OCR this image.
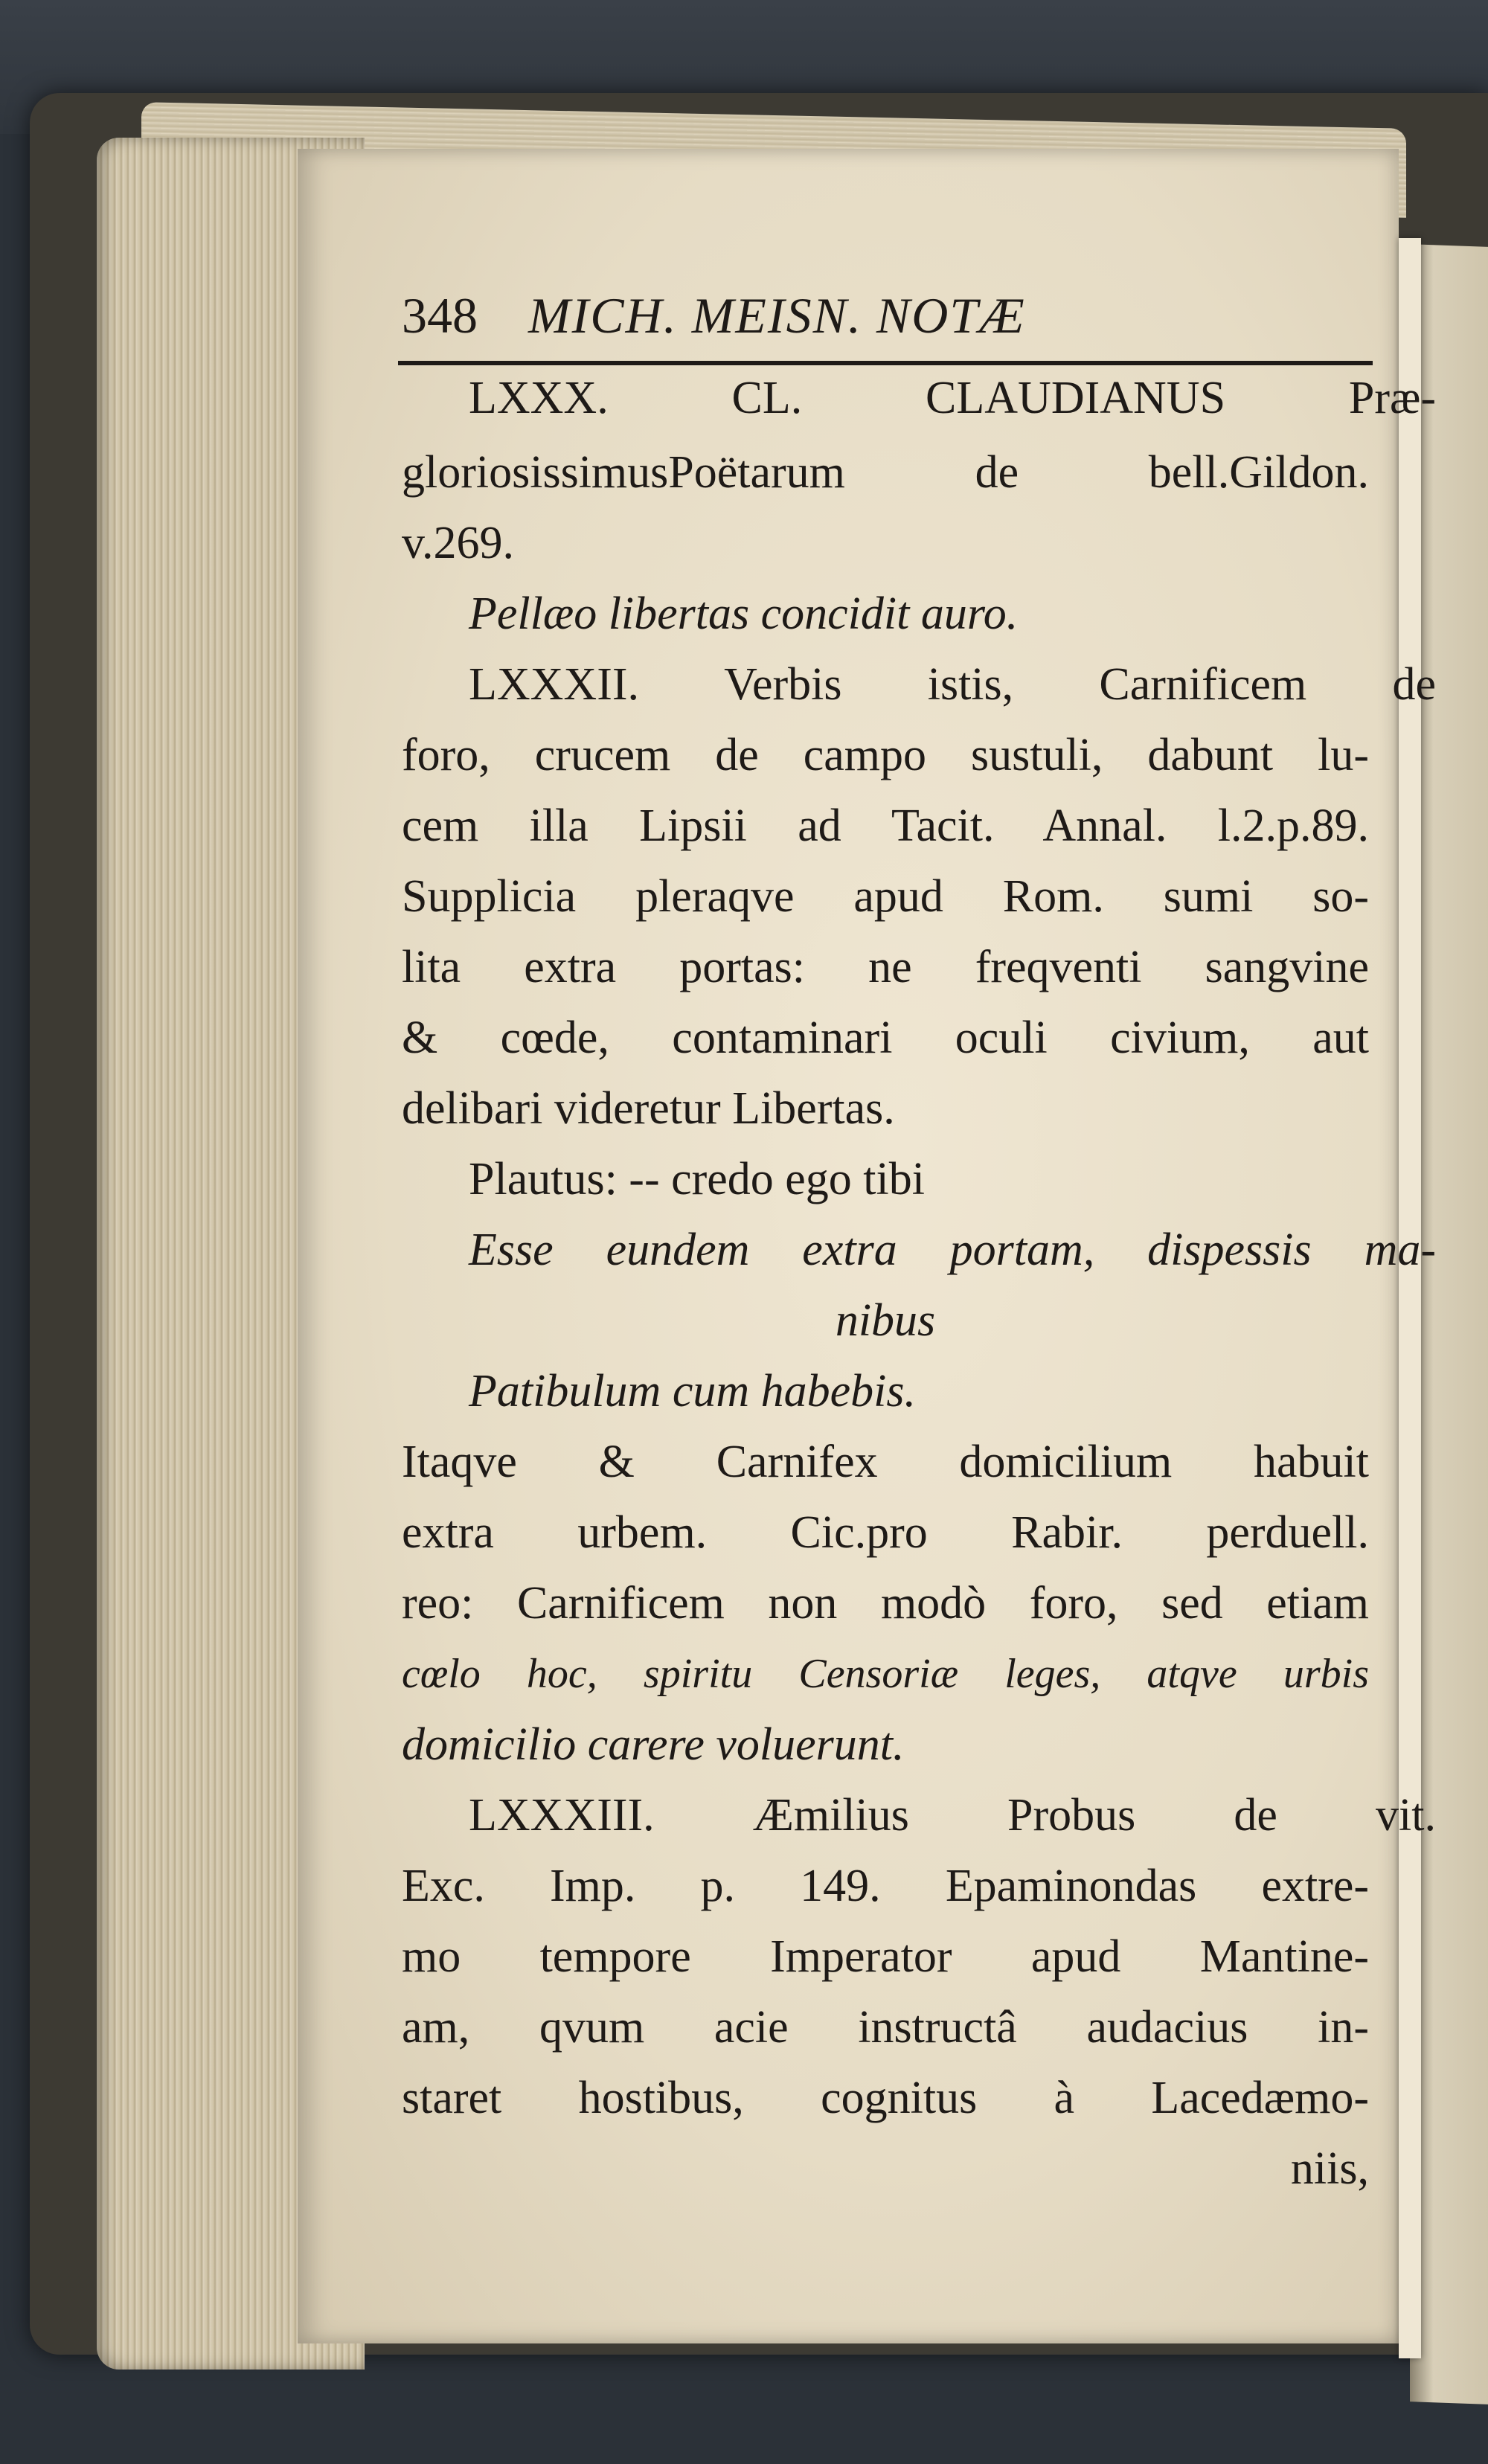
348 MICH. MEISN. NOTÆ
LXXX. CL. CLAUDIANUS Præ-
gloriosissimusPoëtarum de bell.Gildon.
v.269.
Pellæo libertas concidit auro.
LXXXII. Verbis istis, Carnificem de
foro, crucem de campo sustuli, dabunt lu-
cem illa Lipsii ad Tacit. Annal. l.2.p.89.
Supplicia pleraqve apud Rom. sumi so-
lita extra portas: ne freqventi sangvine
& cœde, contaminari oculi civium, aut
delibari videretur Libertas.
Plautus: -- credo ego tibi
Esse eundem extra portam, dispessis ma-
nibus
Patibulum cum habebis.
Itaqve & Carnifex domicilium habuit
extra urbem. Cic.pro Rabir. perduell.
reo: Carnificem non modò foro, sed etiam
cœlo hoc, spiritu Censoriæ leges, atqve urbis
domicilio carere voluerunt.
LXXXIII. Æmilius Probus de vit.
Exc. Imp. p. 149. Epaminondas extre-
mo tempore Imperator apud Mantine-
am, qvum acie instructâ audacius in-
staret hostibus, cognitus à Lacedæmo-
niis,
